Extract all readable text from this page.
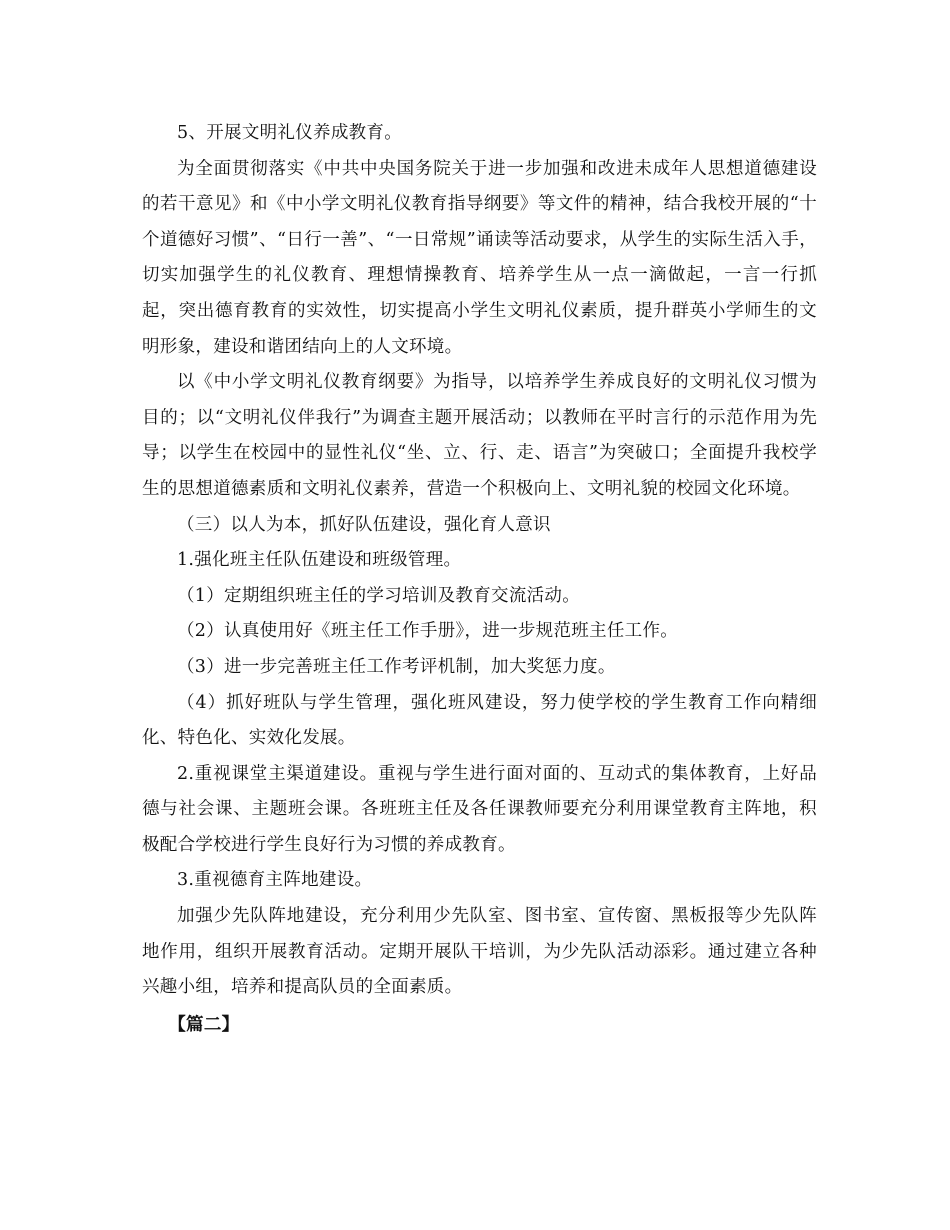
5、开展文明礼仪养成教育。

为全面贯彻落实《中共中央国务院关于进一步加强和改进未成年人思想道德建设的若干意见》和《中小学文明礼仪教育指导纲要》等文件的精神，结合我校开展的“十个道德好习惯”、“日行一善”、“一日常规”诵读等活动要求，从学生的实际生活入手，切实加强学生的礼仪教育、理想情操教育、培养学生从一点一滴做起，一言一行抓起，突出德育教育的实效性，切实提高小学生文明礼仪素质，提升群英小学师生的文明形象，建设和谐团结向上的人文环境。

以《中小学文明礼仪教育纲要》为指导，以培养学生养成良好的文明礼仪习惯为目的；以“文明礼仪伴我行”为调查主题开展活动；以教师在平时言行的示范作用为先导；以学生在校园中的显性礼仪“坐、立、行、走、语言”为突破口；全面提升我校学生的思想道德素质和文明礼仪素养，营造一个积极向上、文明礼貌的校园文化环境。

（三）以人为本，抓好队伍建设，强化育人意识

1.强化班主任队伍建设和班级管理。

（1）定期组织班主任的学习培训及教育交流活动。

（2）认真使用好《班主任工作手册》，进一步规范班主任工作。

（3）进一步完善班主任工作考评机制，加大奖惩力度。

（4）抓好班队与学生管理，强化班风建设，努力使学校的学生教育工作向精细化、特色化、实效化发展。

2.重视课堂主渠道建设。重视与学生进行面对面的、互动式的集体教育，上好品德与社会课、主题班会课。各班班主任及各任课教师要充分利用课堂教育主阵地，积极配合学校进行学生良好行为习惯的养成教育。

3.重视德育主阵地建设。

加强少先队阵地建设，充分利用少先队室、图书室、宣传窗、黑板报等少先队阵地作用，组织开展教育活动。定期开展队干培训，为少先队活动添彩。通过建立各种兴趣小组，培养和提高队员的全面素质。

【篇二】
